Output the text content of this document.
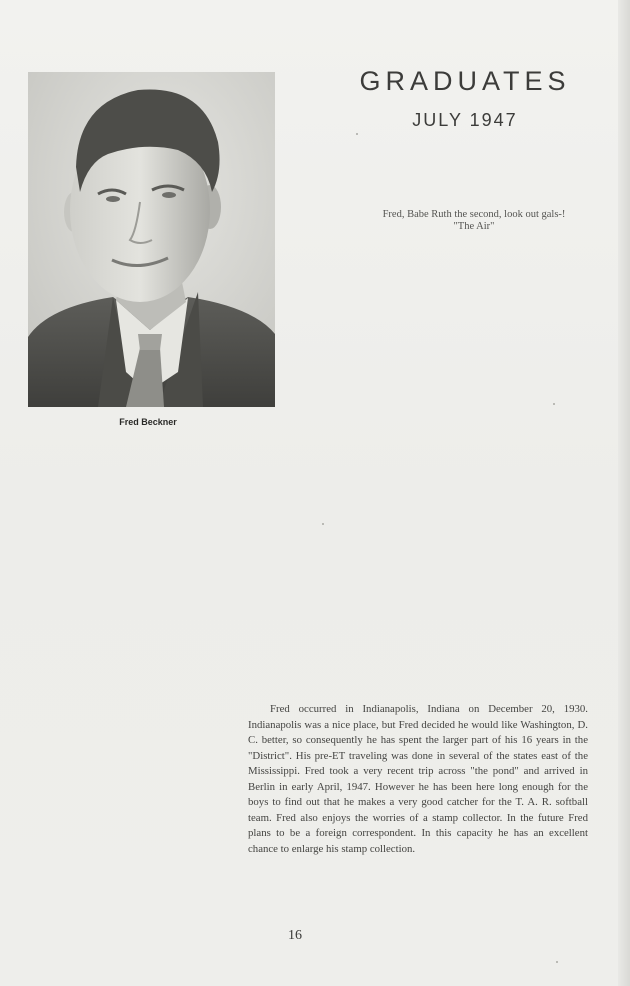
Fred Beckner
GRADUATES
JULY 1947
Fred, Babe Ruth the second, look out gals-!
"The Air"
Fred occurred in Indianapolis, Indiana on December 20, 1930. Indianapolis was a nice place, but Fred decided he would like Washington, D. C. better, so consequently he has spent the larger part of his 16 years in the "District". His pre-ET traveling was done in several of the states east of the Mississippi. Fred took a very recent trip across "the pond" and arrived in Berlin in early April, 1947. However he has been here long enough for the boys to find out that he makes a very good catcher for the T. A. R. softball team. Fred also enjoys the worries of a stamp collector. In the future Fred plans to be a foreign correspondent. In this capacity he has an excellent chance to enlarge his stamp collection.
16
